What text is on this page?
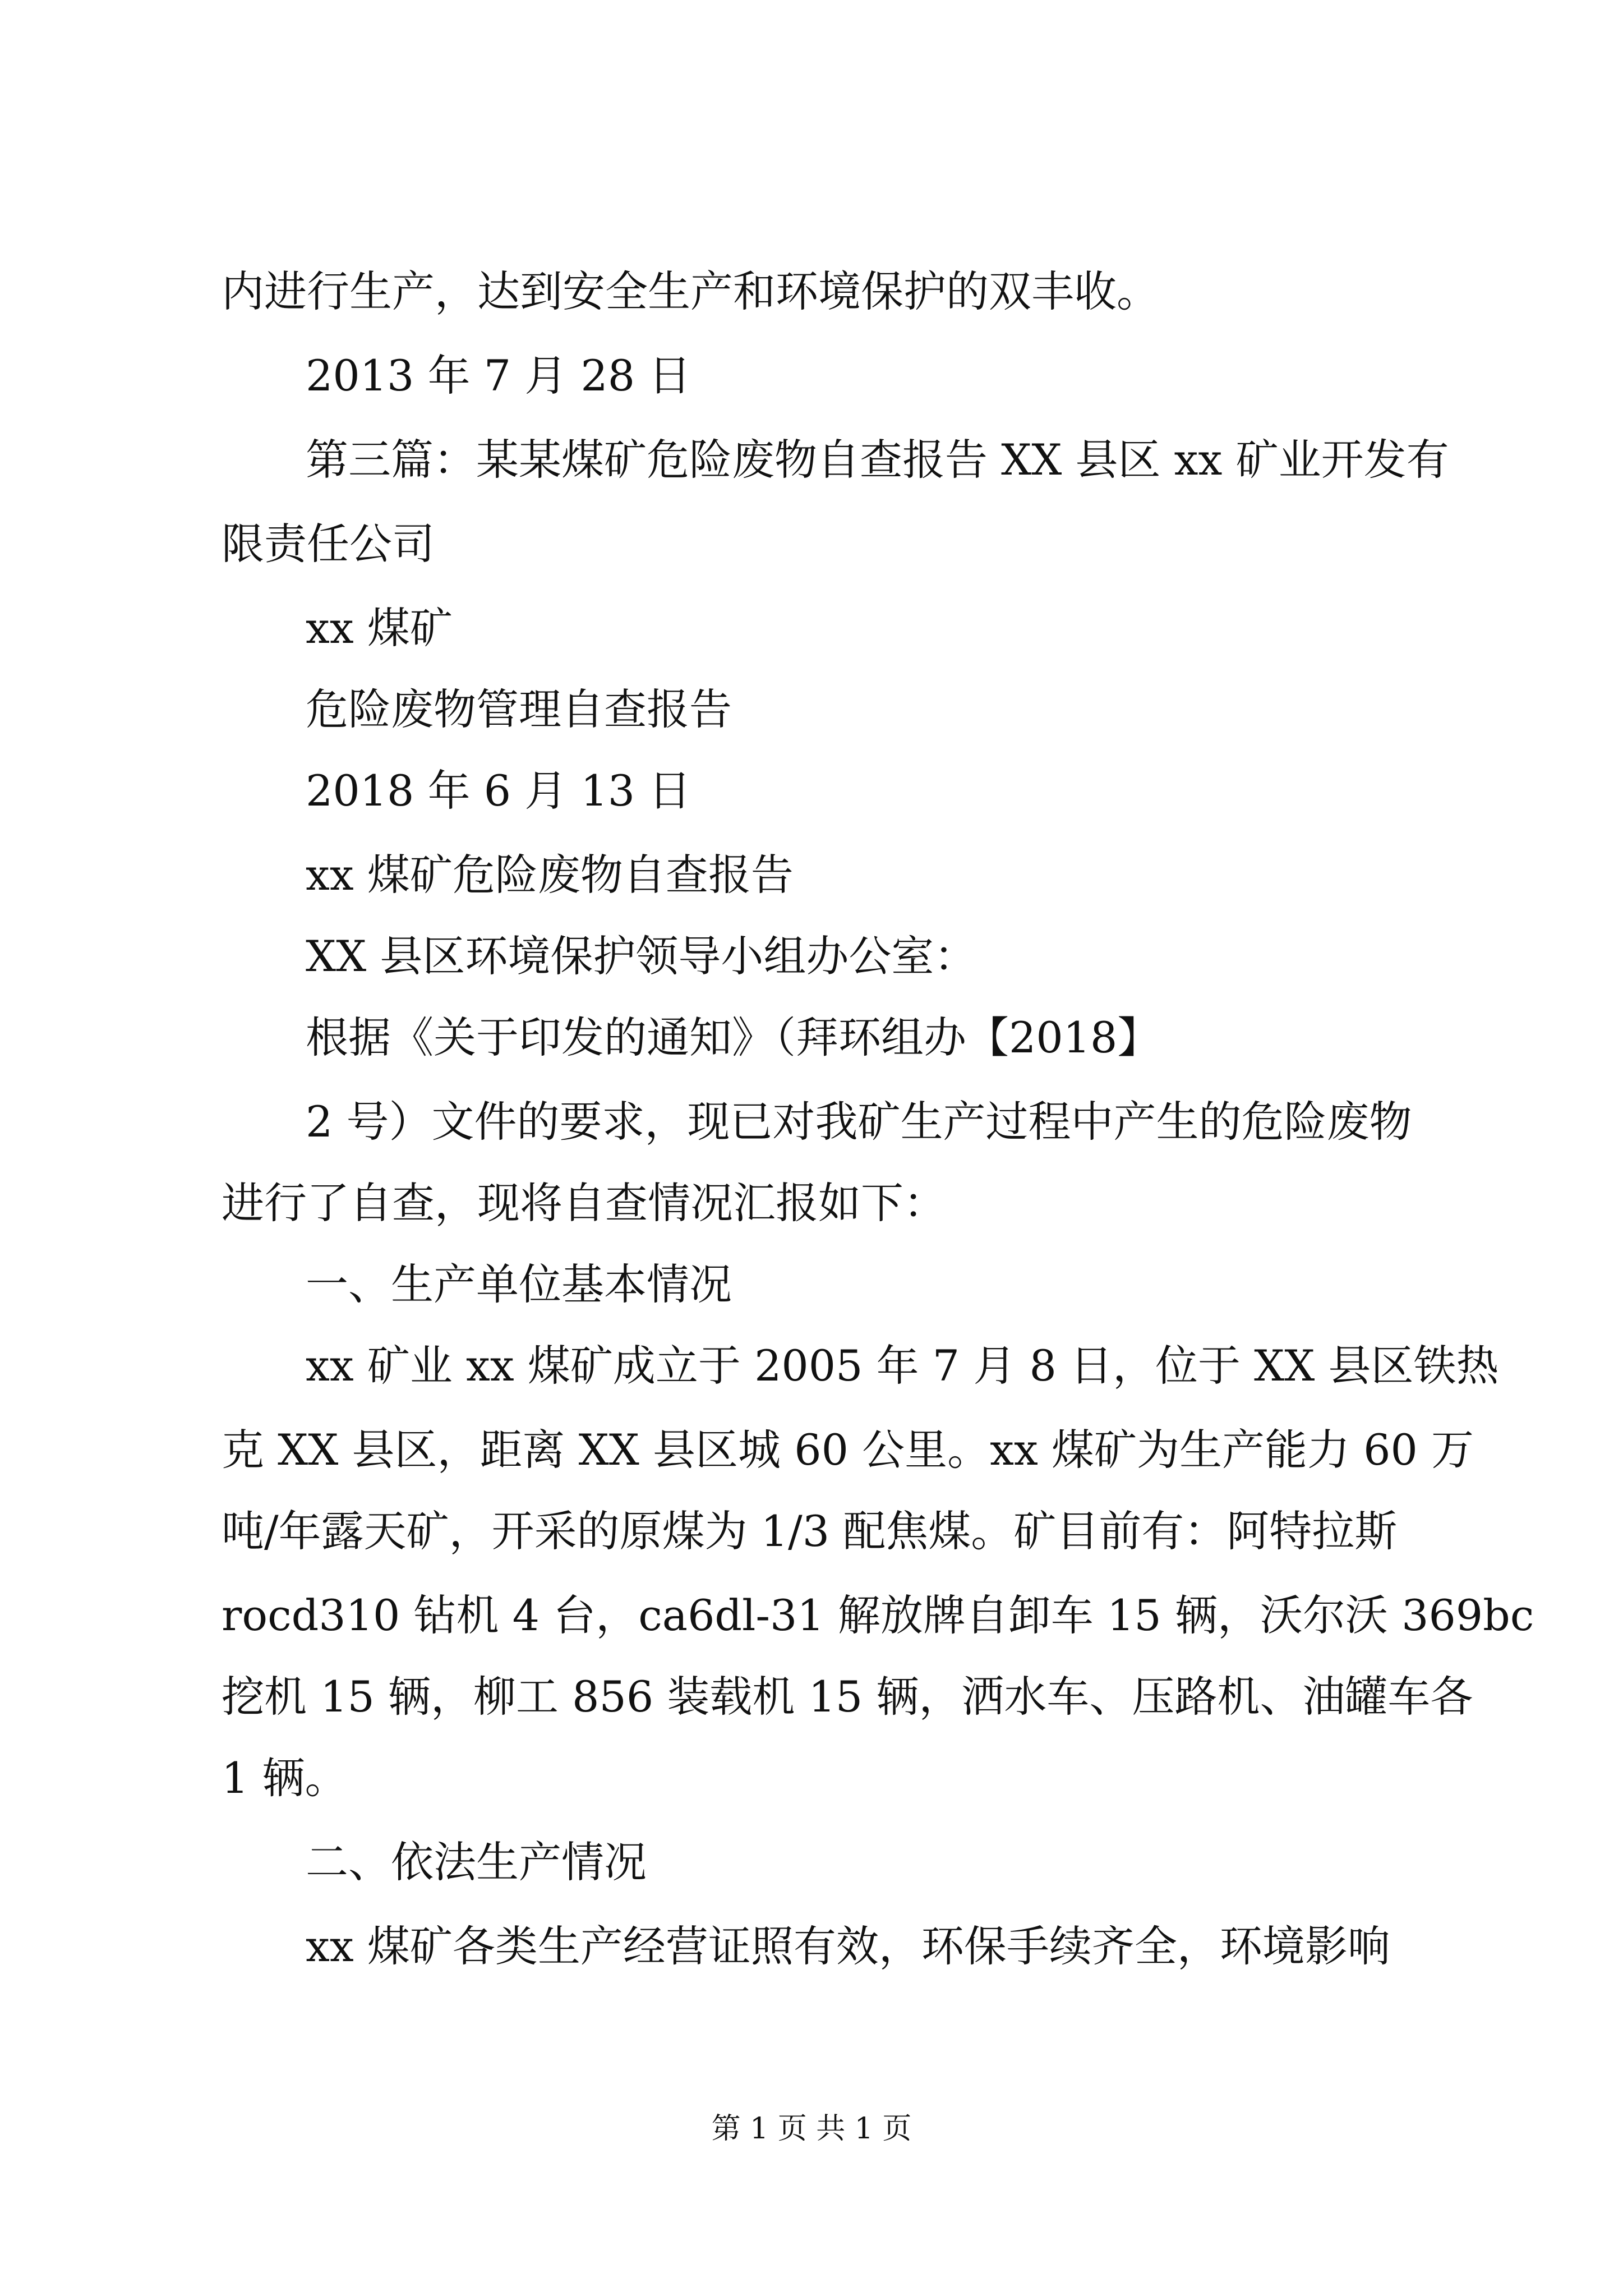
内进行生产，达到安全生产和环境保护的双丰收。
2013 年 7 月 28 日
第三篇：某某煤矿危险废物自查报告 XX 县区 xx 矿业开发有
限责任公司
xx 煤矿
危险废物管理自查报告
2018 年 6 月 13 日
xx 煤矿危险废物自查报告
XX 县区环境保护领导小组办公室：
根据《关于印发的通知》（拜环组办【2018】
2 号）文件的要求，现已对我矿生产过程中产生的危险废物
进行了自查，现将自查情况汇报如下：
一、生产单位基本情况
xx 矿业 xx 煤矿成立于 2005 年 7 月 8 日，位于 XX 县区铁热
克 XX 县区，距离 XX 县区城 60 公里。xx 煤矿为生产能力 60 万
吨/年露天矿，开采的原煤为 1/3 配焦煤。矿目前有：阿特拉斯
rocd310 钻机 4 台，ca6dl-31 解放牌自卸车 15 辆，沃尔沃 369bc
挖机 15 辆，柳工 856 装载机 15 辆，洒水车、压路机、油罐车各
1 辆。
二、依法生产情况
xx 煤矿各类生产经营证照有效，环保手续齐全，环境影响
第 1 页 共 1 页
